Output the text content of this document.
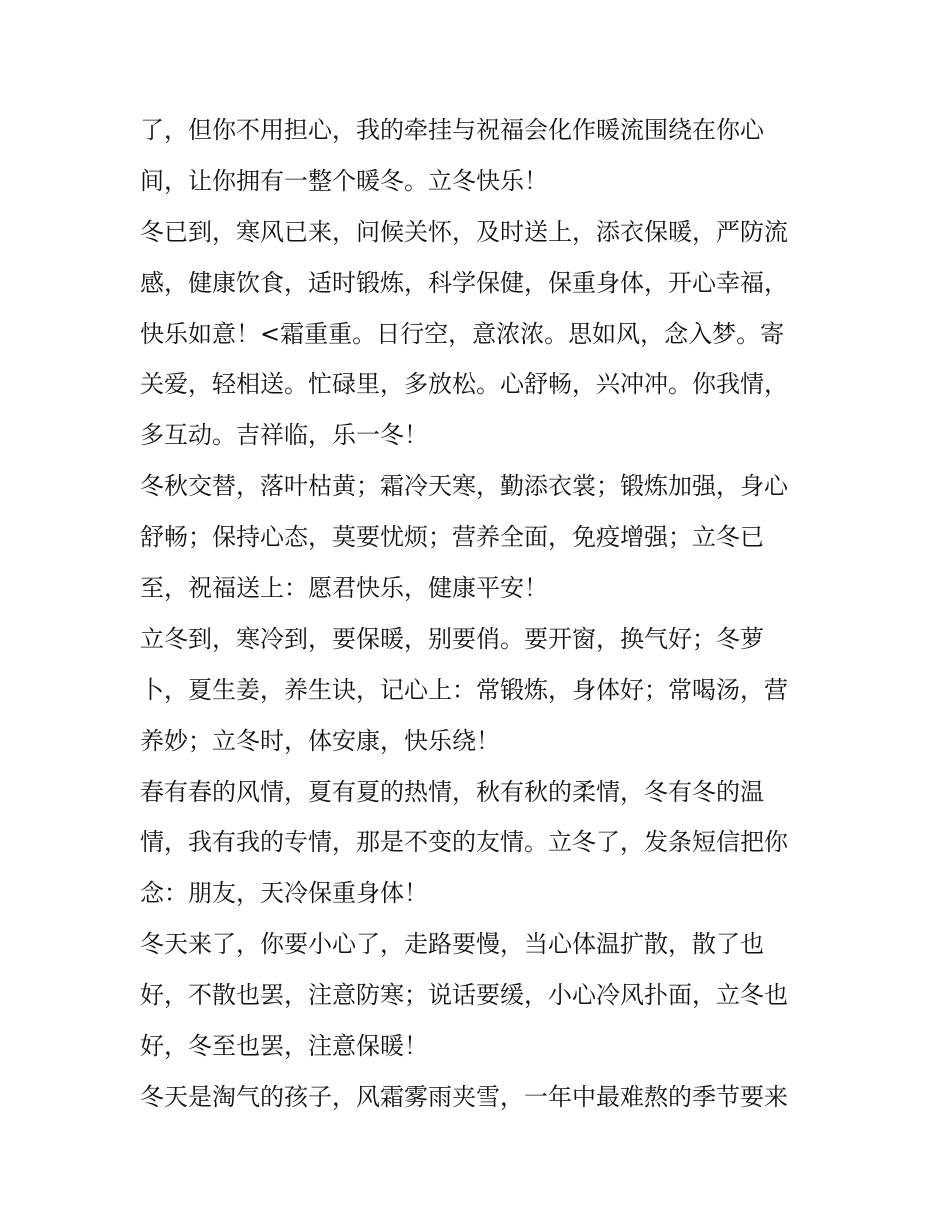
了，但你不用担心，我的牵挂与祝福会化作暖流围绕在你心
间，让你拥有一整个暖冬。立冬快乐！
冬已到，寒风已来，问候关怀，及时送上，添衣保暖，严防流
感，健康饮食，适时锻炼，科学保健，保重身体，开心幸福，
快乐如意！<霜重重。日行空，意浓浓。思如风，念入梦。寄
关爱，轻相送。忙碌里，多放松。心舒畅，兴冲冲。你我情，
多互动。吉祥临，乐一冬！
冬秋交替，落叶枯黄；霜冷天寒，勤添衣裳；锻炼加强，身心
舒畅；保持心态，莫要忧烦；营养全面，免疫增强；立冬已
至，祝福送上：愿君快乐，健康平安！
立冬到，寒冷到，要保暖，别要俏。要开窗，换气好；冬萝
卜，夏生姜，养生诀，记心上：常锻炼，身体好；常喝汤，营
养妙；立冬时，体安康，快乐绕！
春有春的风情，夏有夏的热情，秋有秋的柔情，冬有冬的温
情，我有我的专情，那是不变的友情。立冬了，发条短信把你
念：朋友，天冷保重身体！
冬天来了，你要小心了，走路要慢，当心体温扩散，散了也
好，不散也罢，注意防寒；说话要缓，小心冷风扑面，立冬也
好，冬至也罢，注意保暖！
冬天是淘气的孩子，风霜雾雨夹雪，一年中最难熬的季节要来
